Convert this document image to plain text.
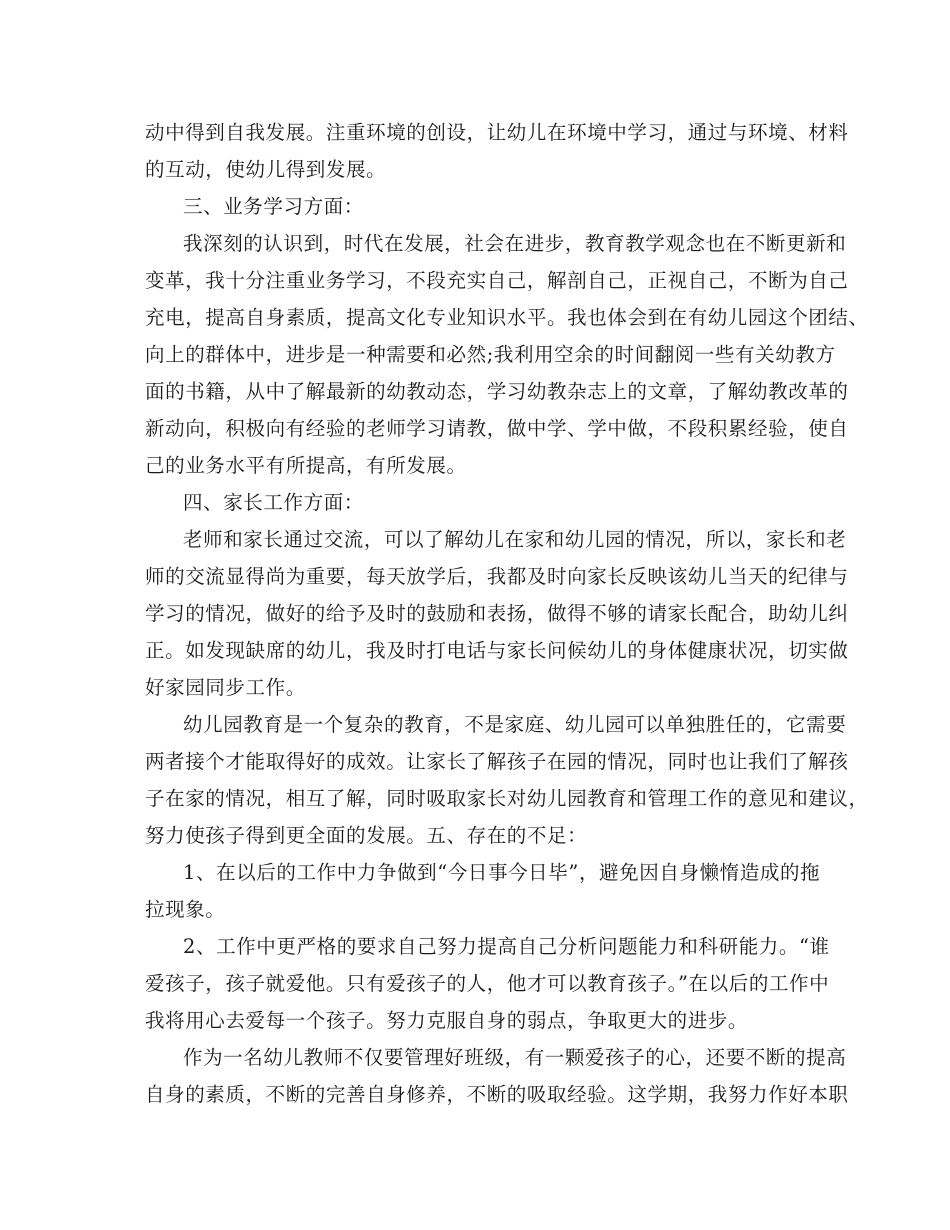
动中得到自我发展。注重环境的创设，让幼儿在环境中学习，通过与环境、材料
的互动，使幼儿得到发展。
三、业务学习方面：
我深刻的认识到，时代在发展，社会在进步，教育教学观念也在不断更新和
变革，我十分注重业务学习，不段充实自己，解剖自己，正视自己，不断为自己
充电，提高自身素质，提高文化专业知识水平。我也体会到在有幼儿园这个团结、
向上的群体中，进步是一种需要和必然;我利用空余的时间翻阅一些有关幼教方
面的书籍，从中了解最新的幼教动态，学习幼教杂志上的文章，了解幼教改革的
新动向，积极向有经验的老师学习请教，做中学、学中做，不段积累经验，使自
己的业务水平有所提高，有所发展。
四、家长工作方面：
老师和家长通过交流，可以了解幼儿在家和幼儿园的情况，所以，家长和老
师的交流显得尚为重要，每天放学后，我都及时向家长反映该幼儿当天的纪律与
学习的情况，做好的给予及时的鼓励和表扬，做得不够的请家长配合，助幼儿纠
正。如发现缺席的幼儿，我及时打电话与家长问候幼儿的身体健康状况，切实做
好家园同步工作。
幼儿园教育是一个复杂的教育，不是家庭、幼儿园可以单独胜任的，它需要
两者接个才能取得好的成效。让家长了解孩子在园的情况，同时也让我们了解孩
子在家的情况，相互了解，同时吸取家长对幼儿园教育和管理工作的意见和建议，
努力使孩子得到更全面的发展。五、存在的不足：
1、在以后的工作中力争做到“今日事今日毕”，避免因自身懒惰造成的拖
拉现象。
2、工作中更严格的要求自己努力提高自己分析问题能力和科研能力。“谁
爱孩子，孩子就爱他。只有爱孩子的人，他才可以教育孩子。”在以后的工作中
我将用心去爱每一个孩子。努力克服自身的弱点，争取更大的进步。
作为一名幼儿教师不仅要管理好班级，有一颗爱孩子的心，还要不断的提高
自身的素质，不断的完善自身修养，不断的吸取经验。这学期，我努力作好本职
